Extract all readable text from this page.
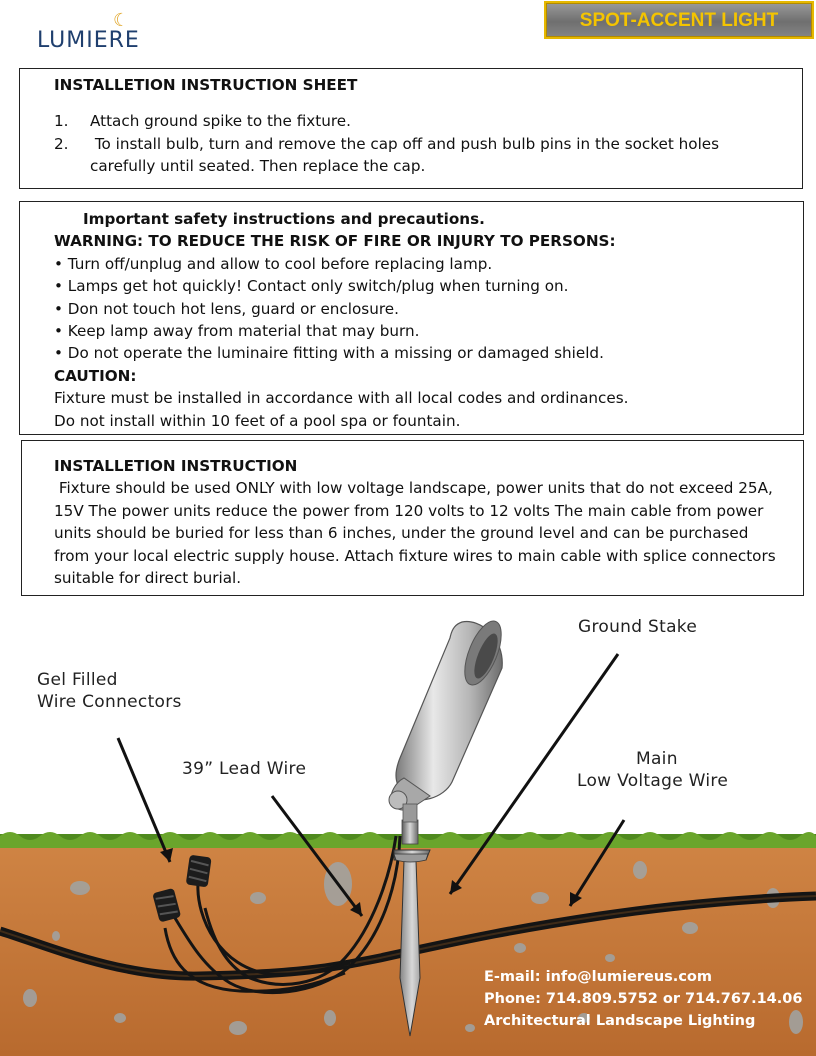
☾
LUMIERE
SPOT-ACCENT LIGHT
INSTALLETION INSTRUCTION SHEET
1.	Attach ground spike to the fixture.
2.	To install bulb, turn and remove the cap off and push bulb pins in the socket holes carefully until seated. Then replace the cap.
Important safety instructions and precautions.
WARNING: TO REDUCE THE RISK OF FIRE OR INJURY TO PERSONS:
• Turn off/unplug and allow to cool before replacing lamp.
• Lamps get hot quickly! Contact only switch/plug when turning on.
• Don not touch hot lens, guard or enclosure.
• Keep lamp away from material that may burn.
• Do not operate the luminaire fitting with a missing or damaged shield.
CAUTION:
Fixture must be installed in accordance with all local codes and ordinances.
Do not install within 10 feet of a pool spa or fountain.
INSTALLETION INSTRUCTION
Fixture should be used ONLY with low voltage landscape, power units that do not exceed 25A,
15V The power units reduce the power from 120 volts to 12 volts The main cable from power
units should be buried for less than 6 inches, under the ground level and can be purchased
from your local electric supply house. Attach fixture wires to main cable with splice connectors
suitable for direct burial.
Ground Stake
Gel Filled
Wire Connectors
39” Lead Wire	Main
Low Voltage Wire
E-mail: info@lumiereus.com
Phone: 714.809.5752 or 714.767.14.06
Architectural Landscape Lighting
